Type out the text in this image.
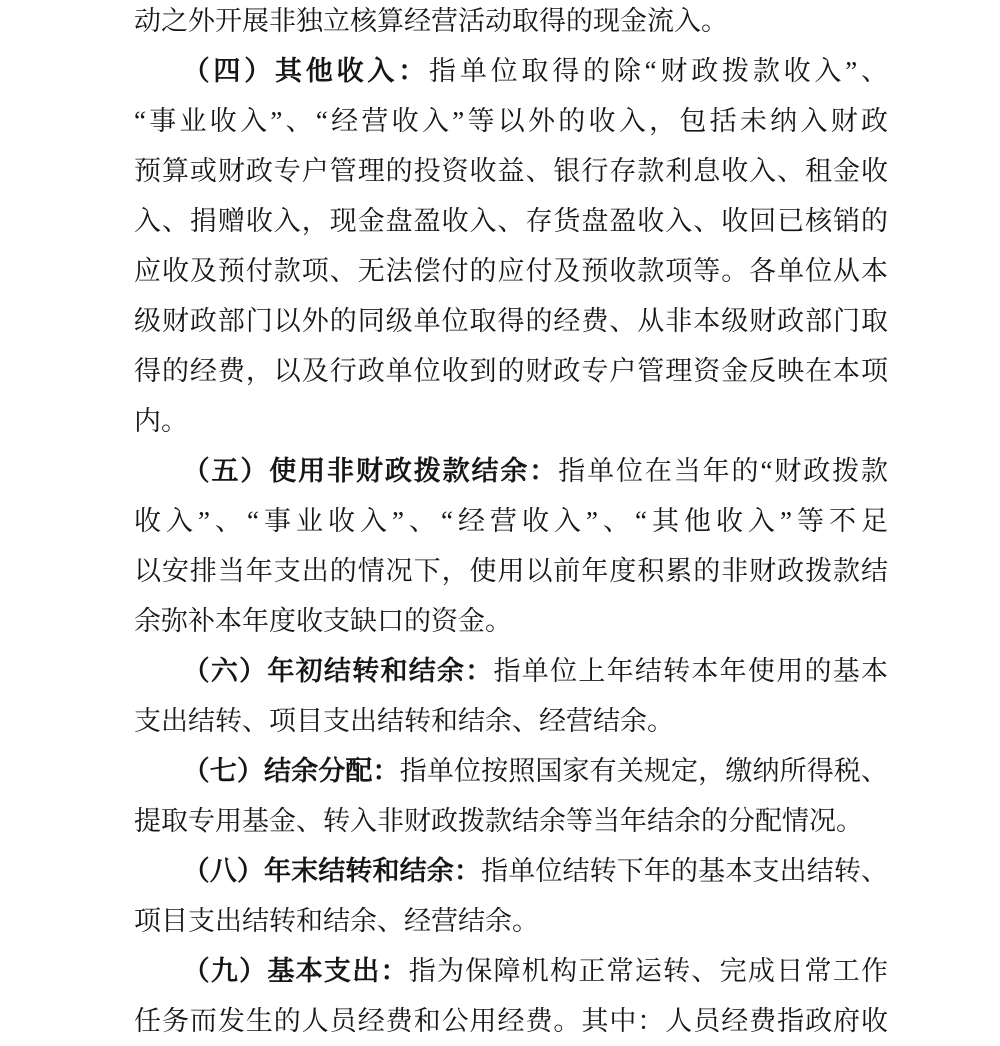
动之外开展非独立核算经营活动取得的现金流入。

（四）其他收入：指单位取得的除“财政拨款收入”、

“事业收入”、“经营收入”等以外的收入，包括未纳入财政

预算或财政专户管理的投资收益、银行存款利息收入、租金收

入、捐赠收入，现金盘盈收入、存货盘盈收入、收回已核销的

应收及预付款项、无法偿付的应付及预收款项等。各单位从本

级财政部门以外的同级单位取得的经费、从非本级财政部门取

得的经费，以及行政单位收到的财政专户管理资金反映在本项

内。

（五）使用非财政拨款结余：指单位在当年的“财政拨款

收入”、“事业收入”、“经营收入”、“其他收入”等不足

以安排当年支出的情况下，使用以前年度积累的非财政拨款结

余弥补本年度收支缺口的资金。

（六）年初结转和结余：指单位上年结转本年使用的基本

支出结转、项目支出结转和结余、经营结余。

（七）结余分配：指单位按照国家有关规定，缴纳所得税、

提取专用基金、转入非财政拨款结余等当年结余的分配情况。

（八）年末结转和结余：指单位结转下年的基本支出结转、

项目支出结转和结余、经营结余。

（九）基本支出：指为保障机构正常运转、完成日常工作

任务而发生的人员经费和公用经费。其中：人员经费指政府收
